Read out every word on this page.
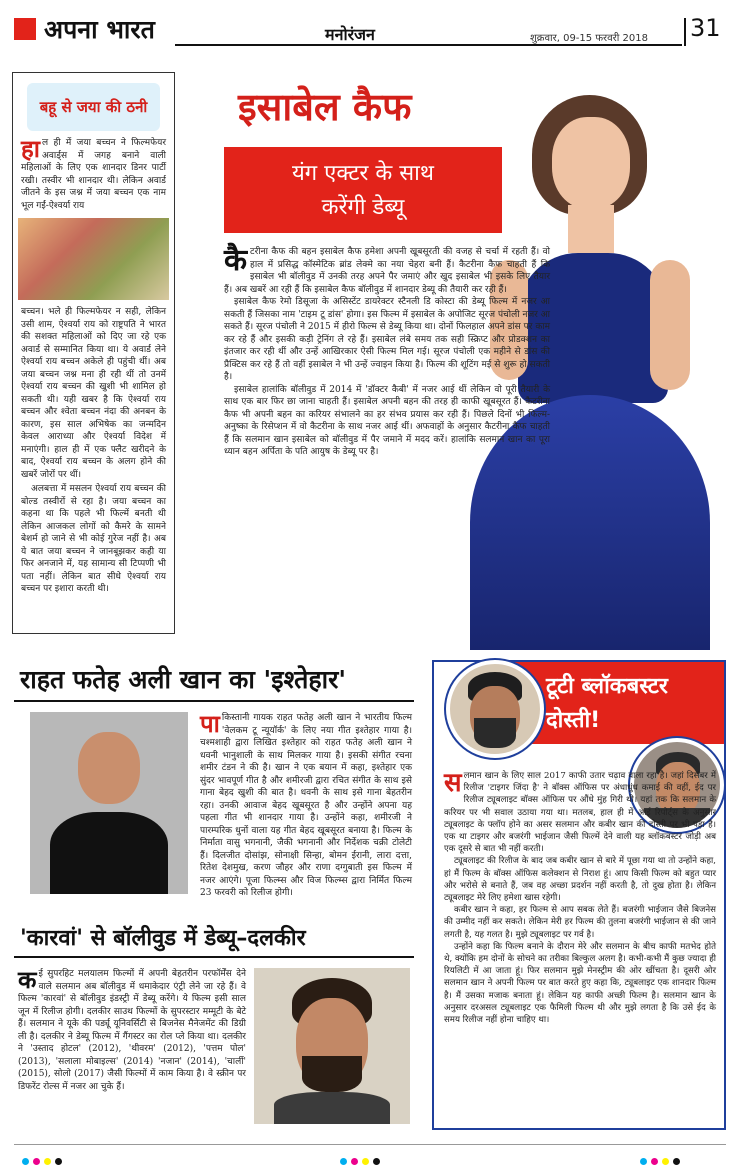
अपना भारत	मनोरंजन	शुक्रवार, 09-15 फरवरी 2018 31
बहू से जया की ठनी
हा ल ही में जया बच्चन ने फिल्मफेयर अवार्ड्स में जगह बनाने वाली महिलाओं के लिए एक शानदार डिनर पार्टी रखी। तस्वीर भी शानदार थी। लेकिन अवार्ड जीतने के इस जश्न में जया बच्चन एक नाम भूल गईं-ऐश्वर्या राय
बच्चन। भले ही फिल्मफेयर न सही, लेकिन उसी शाम, ऐश्वर्या राय को राष्ट्रपति ने भारत की सशक्त महिलाओं को दिए जा रहे एक अवार्ड से सम्मानित किया था। ये अवार्ड लेने ऐश्वर्या राय बच्चन अकेले ही पहुंची थीं। अब जया बच्चन जश्न मना ही रही थीं तो उनमें ऐश्वर्या राय बच्चन की खुशी भी शामिल हो सकती थी। यही खबर है कि ऐश्वर्या राय बच्चन और श्वेता बच्चन नंदा की अनबन के कारण, इस साल अभिषेक का जन्मदिन केवल आराध्या और ऐश्वर्या विदेश में मनाएंगी। हाल ही में एक फ्लैट खरीदने के बाद, ऐश्वर्या राय बच्चन के अलग होने की खबरें जोरों पर थीं।
अलबत्ता में मसलन ऐश्वर्या राय बच्चन की बोल्ड तस्वीरों से रहा है। जया बच्चन का कहना था कि पहले भी फिल्में बनती थी लेकिन आजकल लोगों को कैमरे के सामने बेशर्म हो जाने से भी कोई गुरेज नहीं है। अब ये बात जया बच्चन ने जानबूझकर कही या फिर अनजाने में, यह सामान्य सी टिप्पणी भी पता नहीं। लेकिन बात सीधे ऐश्वर्या राय बच्चन पर इशारा करती थी।
इसाबेल कैफ
यंग एक्टर के साथ
करेंगी डेब्यू

कै टरीना कैफ की बहन इसाबेल कैफ हमेशा अपनी खूबसूरती की वजह से चर्चा में रहती हैं। वो हाल में प्रसिद्ध कॉस्मेटिक ब्रांड लेक्मे का नया चेहरा बनी हैं। कैटरीना कैफ चाहती हैं कि इसाबेल भी बॉलीवुड में उनकी तरह अपने पैर जमाएं और खुद इसाबेल भी इसके लिए तैयार हैं। अब खबरें आ रही हैं कि इसाबेल कैफ बॉलीवुड में शानदार डेब्यू की तैयारी कर रही हैं।

इसाबेल कैफ रेमो डिसूजा के असिस्टेंट डायरेक्टर स्टैनली डि कोस्टा की डेब्यू फिल्म में नजर आ सकती हैं जिसका नाम 'टाइम टू डांस' होगा। इस फिल्म में इसाबेल के अपोजिट सूरज पंचोली नजर आ सकते हैं। सूरज पंचोली ने 2015 में हीरो फिल्म से डेब्यू किया था। दोनों फिलहाल अपने डांस पर काम कर रहे हैं और इसकी कड़ी ट्रेनिंग ले रहे हैं। इसाबेल लंबे समय तक सही स्क्रिप्ट और प्रोडक्शन का इंतजार कर रही थीं और उन्हें आखिरकार ऐसी फिल्म मिल गई। सूरज पंचोली एक महीने से डांस की प्रैक्टिस कर रहे हैं तो वहीं इसाबेल ने भी उन्हें ज्वाइन किया है। फिल्म की शूटिंग मई से शुरू हो सकती है।

इसाबेल हालांकि बॉलीवुड में 2014 में 'डॉक्टर कैबी' में नजर आई थीं लेकिन वो पूरी तैयारी के साथ एक बार फिर छा जाना चाहती हैं। इसाबेल अपनी बहन की तरह ही काफी खूबसूरत हैं। कैटरीना कैफ भी अपनी बहन का करियर संभालने का हर संभव प्रयास कर रही हैं। पिछले दिनों भी फिल्म-अनुष्का के रिसेप्शन में वो कैटरीना के साथ नजर आई थीं। अफवाहों के अनुसार कैटरीना कैफ चाहती हैं कि सलमान खान इसाबेल को बॉलीवुड में पैर जमाने में मदद करें। हालांकि सलमान खान का पूरा ध्यान बहन अर्पिता के पति आयुष के डेब्यू पर है।

राहत फतेह अली खान का 'इश्तेहार'
पा किस्तानी गायक राहत फतेह अली खान ने भारतीय फिल्म 'वेलकम टू न्यूयॉर्क' के लिए नया गीत इश्तेहार गाया है। चश्मशाही द्वारा लिखित इश्तेहार को राहत फतेह अली खान ने धवनी भानुशाली के साथ मिलकर गाया है। इसकी संगीत रचना शमीर टंडन ने की है। खान ने एक बयान में कहा, इश्तेहार एक सुंदर भावपूर्ण गीत है और शमीरजी द्वारा रचित संगीत के साथ इसे गाना बेहद खुशी की बात है। धवनी के साथ इसे गाना बेहतरीन रहा। उनकी आवाज बेहद खूबसूरत है और उन्होंने अपना यह पहला गीत भी शानदार गाया है। उन्होंने कहा, शमीरजी ने पारम्परिक धुनों वाला यह गीत बेहद खूबसूरत बनाया है। फिल्म के निर्माता वासु भगनानी, जैकी भगनानी और निर्देशक चक्री टोलेटी हैं। दिलजीत दोसांझ, सोनाक्षी सिन्हा, बोमन ईरानी, लारा दत्ता, रितेश देशमुख, करण जौहर और राणा दग्गुबाती इस फिल्म में नजर आएंगे। पूजा फिल्म्स और विज फिल्म्स द्वारा निर्मित फिल्म 23 फरवरी को रिलीज होगी।
'कारवां' से बॉलीवुड में डेब्यू–दलकीर
क ई सुपरहिट मलयालम फिल्मों में अपनी बेहतरीन परफॉर्मेंस देने वाले सलमान अब बॉलीवुड में धमाकेदार एंट्री लेने जा रहे हैं। वे फिल्म 'कारवां' से बॉलीवुड इंडस्ट्री में डेब्यू करेंगे। ये फिल्म इसी साल जून में रिलीज होगी। दलकीर साउथ फिल्मों के सुपरस्टार मम्मूटी के बेटे हैं। सलमान ने यूके की पर्ड्यू यूनिवर्सिटी से बिजनेस मैनेजमेंट की डिग्री ली है। दलकीर ने डेब्यू फिल्म में गैंगस्टर का रोल प्ले किया था। दलकीर ने 'उस्ताद होटल' (2012), 'थीवरम' (2012), 'पत्तम पोल' (2013), 'सलाला मोबाइल्स' (2014) 'नजान' (2014), 'चार्ली' (2015), सोलो (2017) जैसी फिल्मों में काम किया है। वे स्क्रीन पर डिफरेंट रोल्स में नजर आ चुके हैं।
टूटी ब्लॉकबस्टर
दोस्ती!

स लमान खान के लिए साल 2017 काफी उतार चढ़ाव वाला रहा है। जहां दिसंबर में रिलीज 'टाइगर जिंदा है' ने बॉक्स ऑफिस पर अंधाधुंध कमाई की वहीं, ईद पर रिलीज ट्यूबलाइट बॉक्स ऑफिस पर औंधे मुंह गिरी थी। यहां तक कि सलमान के करियर पर भी सवाल उठाया गया था। मतलब, हाल ही में आई रिपोर्ट्स के अनुसार ट्यूबलाइट के फ्लॉप होने का असर सलमान और कबीर खान की दोस्ती पर भी पड़ा है। एक था टाइगर और बजरंगी भाईजान जैसी फिल्में देने वाली यह ब्लॉकबस्टर जोड़ी अब एक दूसरे से बात भी नहीं करती।

ट्यूबलाइट की रिलीज के बाद जब कबीर खान से बारे में पूछा गया था तो उन्होंने कहा, हां मैं फिल्म के बॉक्स ऑफिस कलेक्शन से निराश हूं। आप किसी फिल्म को बहुत प्यार और भरोसे से बनाते हैं, जब वह अच्छा प्रदर्शन नहीं करती है, तो दुख होता है। लेकिन ट्यूबलाइट मेरे लिए हमेशा खास रहेगी।

कबीर खान ने कहा, हर फिल्म से आप सबक लेते हैं। बजरंगी भाईजान जैसे बिजनेस की उम्मीद नहीं कर सकते। लेकिन मेरी हर फिल्म की तुलना बजरंगी भाईजान से की जाने लगती है, यह गलत है। मुझे ट्यूबलाइट पर गर्व है।

उन्होंने कहा कि फिल्म बनाने के दौरान मेरे और सलमान के बीच काफी मतभेद होते थे, क्योंकि हम दोनों के सोचने का तरीका बिल्कुल अलग है। कभी-कभी मैं कुछ ज्यादा ही रियलिटी में आ जाता हूं। फिर सलमान मुझे मेनस्ट्रीम की ओर खींचता है। दूसरी ओर सलमान खान ने अपनी फिल्म पर बात करते हुए कहा कि, ट्यूबलाइट एक शानदार फिल्म है। मैं उसका मजाक बनाता हूं। लेकिन यह काफी अच्छी फिल्म है। सलमान खान के अनुसार दरअसल ट्यूबलाइट एक फैमिली फिल्म थी और मुझे लगता है कि उसे ईद के समय रिलीज नहीं होना चाहिए था।
